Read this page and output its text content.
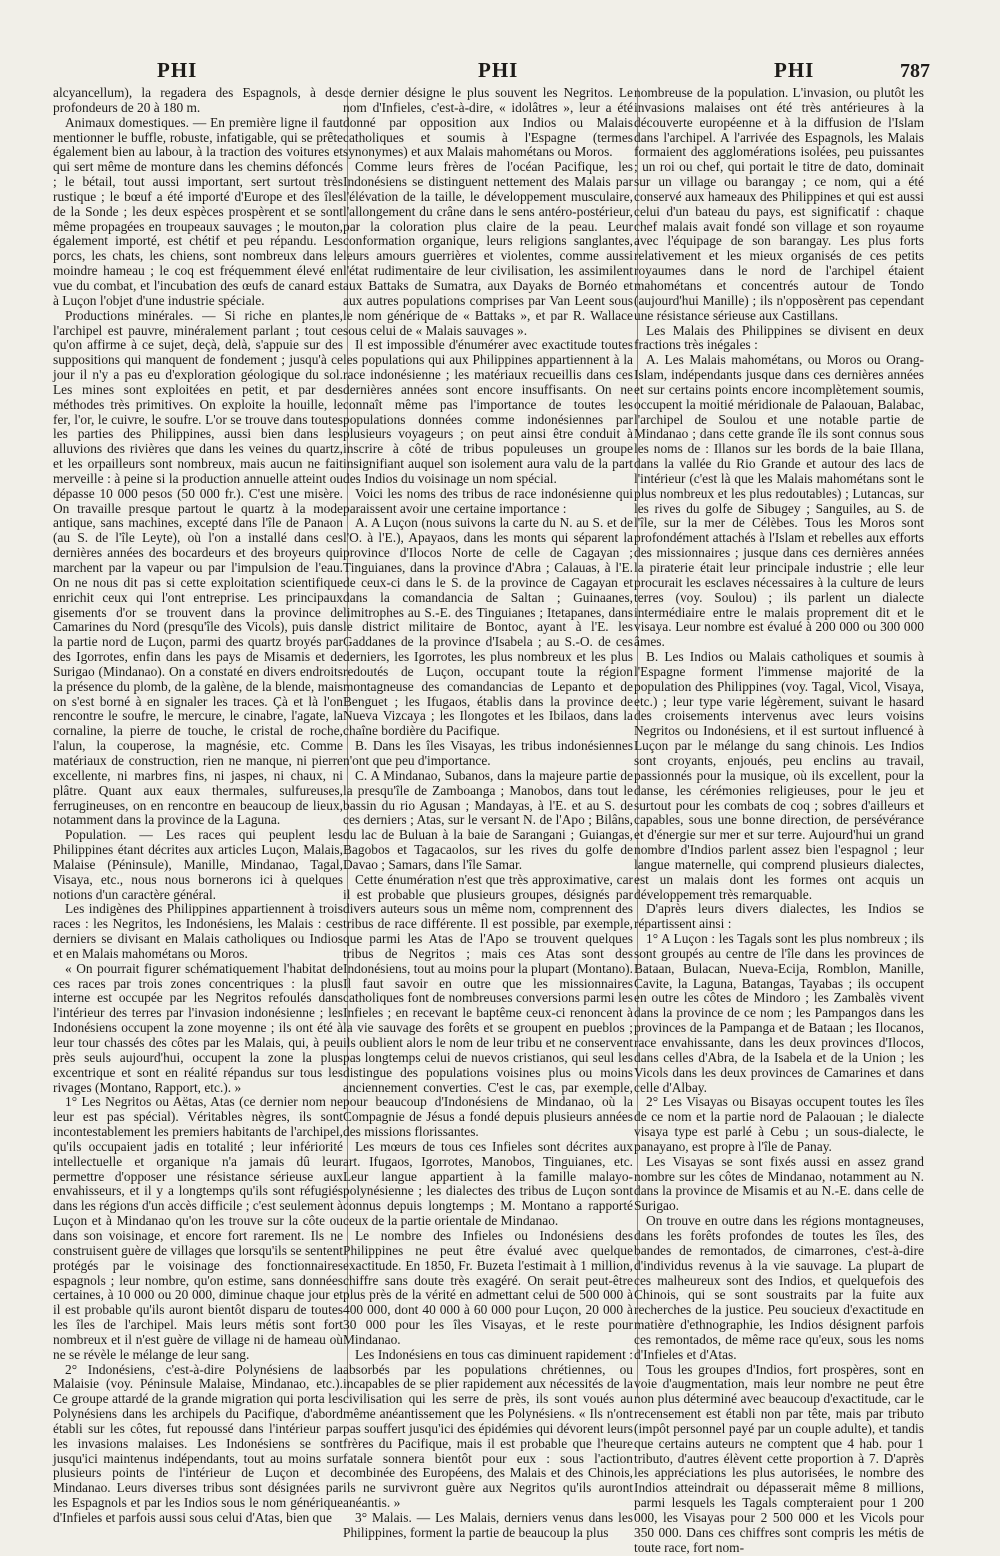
PHI	PHI	PHI	787

alcyancellum), la regadera des Espagnols, à des profondeurs de 20 à 180 m.

Animaux domestiques. — En première ligne il faut mentionner le buffle, robuste, infatigable, qui se prête également bien au labour, à la traction des voitures et qui sert même de monture dans les chemins défoncés ; le bétail, tout aussi important, sert surtout très rustique ; le bœuf a été importé d'Europe et des îles de la Sonde ; les deux espèces prospèrent et se sont même propagées en troupeaux sauvages ; le mouton, également importé, est chétif et peu répandu. Les porcs, les chats, les chiens, sont nombreux dans le moindre hameau ; le coq est fréquemment élevé en vue du combat, et l'incubation des œufs de canard est à Luçon l'objet d'une industrie spéciale.

Productions minérales. — Si riche en plantes, l'archipel est pauvre, minéralement parlant ; tout ce qu'on affirme à ce sujet, deçà, delà, s'appuie sur des suppositions qui manquent de fondement ; jusqu'à ce jour il n'y a pas eu d'exploration géologique du sol. Les mines sont exploitées en petit, et par des méthodes très primitives. On exploite la houille, le fer, l'or, le cuivre, le soufre. L'or se trouve dans toutes les parties des Philippines, aussi bien dans les alluvions des rivières que dans les veines du quartz, et les orpailleurs sont nombreux, mais aucun ne fait merveille : à peine si la production annuelle atteint ou dépasse 10 000 pesos (50 000 fr.). C'est une misère. On travaille presque partout le quartz à la mode antique, sans machines, excepté dans l'île de Panaon (au S. de l'île Leyte), où l'on a installé dans ces dernières années des bocardeurs et des broyeurs qui marchent par la vapeur ou par l'impulsion de l'eau. On ne nous dit pas si cette exploitation scientifique enrichit ceux qui l'ont entreprise. Les principaux gisements d'or se trouvent dans la province de Camarines du Nord (presqu'île des Vicols), puis dans la partie nord de Luçon, parmi des quartz broyés par des Igorrotes, enfin dans les pays de Misamis et de Surigao (Mindanao). On a constaté en divers endroits la présence du plomb, de la galène, de la blende, mais on s'est borné à en signaler les traces. Çà et là l'on rencontre le soufre, le mercure, le cinabre, l'agate, la cornaline, la pierre de touche, le cristal de roche, l'alun, la couperose, la magnésie, etc. Comme matériaux de construction, rien ne manque, ni pierre excellente, ni marbres fins, ni jaspes, ni chaux, ni plâtre. Quant aux eaux thermales, sulfureuses, ferrugineuses, on en rencontre en beaucoup de lieux, notamment dans la province de la Laguna.

Population. — Les races qui peuplent les Philippines étant décrites aux articles Luçon, Malais, Malaise (Péninsule), Manille, Mindanao, Tagal, Visaya, etc., nous nous bornerons ici à quelques notions d'un caractère général.

Les indigènes des Philippines appartiennent à trois races : les Negritos, les Indonésiens, les Malais : ces derniers se divisant en Malais catholiques ou Indios et en Malais mahométans ou Moros.

« On pourrait figurer schématiquement l'habitat de ces races par trois zones concentriques : la plus interne est occupée par les Negritos refoulés dans l'intérieur des terres par l'invasion indonésienne ; les Indonésiens occupent la zone moyenne ; ils ont été à leur tour chassés des côtes par les Malais, qui, à peu près seuls aujourd'hui, occupent la zone la plus excentrique et sont en réalité répandus sur tous les rivages (Montano, Rapport, etc.). »

1° Les Negritos ou Aëtas, Atas (ce dernier nom ne leur est pas spécial). Véritables nègres, ils sont incontestablement les premiers habitants de l'archipel, qu'ils occupaient jadis en totalité ; leur infériorité intellectuelle et organique n'a jamais dû leur permettre d'opposer une résistance sérieuse aux envahisseurs, et il y a longtemps qu'ils sont réfugiés dans les régions d'un accès difficile ; c'est seulement à Luçon et à Mindanao qu'on les trouve sur la côte ou dans son voisinage, et encore fort rarement. Ils ne construisent guère de villages que lorsqu'ils se sentent protégés par le voisinage des fonctionnaires espagnols ; leur nombre, qu'on estime, sans données certaines, à 10 000 ou 20 000, diminue chaque jour et il est probable qu'ils auront bientôt disparu de toutes les îles de l'archipel. Mais leurs métis sont fort nombreux et il n'est guère de village ni de hameau où ne se révèle le mélange de leur sang.

2° Indonésiens, c'est-à-dire Polynésiens de la Malaisie (voy. Péninsule Malaise, Mindanao, etc.). Ce groupe attardé de la grande migration qui porta les Polynésiens dans les archipels du Pacifique, d'abord établi sur les côtes, fut repoussé dans l'intérieur par les invasions malaises. Les Indonésiens se sont jusqu'ici maintenus indépendants, tout au moins sur plusieurs points de l'intérieur de Luçon et de Mindanao. Leurs diverses tribus sont désignées par les Espagnols et par les Indios sous le nom générique d'Infieles et parfois aussi sous celui d'Atas, bien que

ce dernier désigne le plus souvent les Negritos. Le nom d'Infieles, c'est-à-dire, « idolâtres », leur a été donné par opposition aux Indios ou Malais catholiques et soumis à l'Espagne (termes synonymes) et aux Malais mahométans ou Moros.

Comme leurs frères de l'océan Pacifique, les Indonésiens se distinguent nettement des Malais par l'élévation de la taille, le développement musculaire, l'allongement du crâne dans le sens antéro-postérieur, par la coloration plus claire de la peau. Leur conformation organique, leurs religions sanglantes, leurs amours guerrières et violentes, comme aussi l'état rudimentaire de leur civilisation, les assimilent aux Battaks de Sumatra, aux Dayaks de Bornéo et aux autres populations comprises par Van Leent sous le nom générique de « Battaks », et par R. Wallace sous celui de « Malais sauvages ».

Il est impossible d'énumérer avec exactitude toutes les populations qui aux Philippines appartiennent à la race indonésienne ; les matériaux recueillis dans ces dernières années sont encore insuffisants. On ne connaît même pas l'importance de toutes les populations données comme indonésiennes par plusieurs voyageurs ; on peut ainsi être conduit à inscrire à côté de tribus populeuses un groupe insignifiant auquel son isolement aura valu de la part des Indios du voisinage un nom spécial.

Voici les noms des tribus de race indonésienne qui paraissent avoir une certaine importance :

A. A Luçon (nous suivons la carte du N. au S. et de l'O. à l'E.), Apayaos, dans les monts qui séparent la province d'Ilocos Norte de celle de Cagayan ; Tinguianes, dans la province d'Abra ; Calauas, à l'E. de ceux-ci dans le S. de la province de Cagayan et dans la comandancia de Saltan ; Guinaanes, limitrophes au S.-E. des Tinguianes ; Itetapanes, dans le district militaire de Bontoc, ayant à l'E. les Gaddanes de la province d'Isabela ; au S.-O. de ces derniers, les Igorrotes, les plus nombreux et les plus redoutés de Luçon, occupant toute la région montagneuse des comandancias de Lepanto et de Benguet ; les Ifugaos, établis dans la province de Nueva Vizcaya ; les Ilongotes et les Ibilaos, dans la chaîne bordière du Pacifique.

B. Dans les îles Visayas, les tribus indonésiennes n'ont que peu d'importance.

C. A Mindanao, Subanos, dans la majeure partie de la presqu'île de Zamboanga ; Manobos, dans tout le bassin du rio Agusan ; Mandayas, à l'E. et au S. de ces derniers ; Atas, sur le versant N. de l'Apo ; Bilâns, du lac de Buluan à la baie de Sarangani ; Guiangas, Bagobos et Tagacaolos, sur les rives du golfe de Davao ; Samars, dans l'île Samar.

Cette énumération n'est que très approximative, car il est probable que plusieurs groupes, désignés par divers auteurs sous un même nom, comprennent des tribus de race différente. Il est possible, par exemple, que parmi les Atas de l'Apo se trouvent quelques tribus de Negritos ; mais ces Atas sont des Indonésiens, tout au moins pour la plupart (Montano). Il faut savoir en outre que les missionnaires catholiques font de nombreuses conversions parmi les Infieles ; en recevant le baptême ceux-ci renoncent à la vie sauvage des forêts et se groupent en pueblos ; ils oublient alors le nom de leur tribu et ne conservent pas longtemps celui de nuevos cristianos, qui seul les distingue des populations voisines plus ou moins anciennement converties. C'est le cas, par exemple, pour beaucoup d'Indonésiens de Mindanao, où la Compagnie de Jésus a fondé depuis plusieurs années des missions florissantes.

Les mœurs de tous ces Infieles sont décrites aux art. Ifugaos, Igorrotes, Manobos, Tinguianes, etc. Leur langue appartient à la famille malayo-polynésienne ; les dialectes des tribus de Luçon sont connus depuis longtemps ; M. Montano a rapporté ceux de la partie orientale de Mindanao.

Le nombre des Infieles ou Indonésiens des Philippines ne peut être évalué avec quelque exactitude. En 1850, Fr. Buzeta l'estimait à 1 million, chiffre sans doute très exagéré. On serait peut-être plus près de la vérité en admettant celui de 500 000 à 400 000, dont 40 000 à 60 000 pour Luçon, 20 000 à 30 000 pour les îles Visayas, et le reste pour Mindanao.

Les Indonésiens en tous cas diminuent rapidement : absorbés par les populations chrétiennes, ou incapables de se plier rapidement aux nécessités de la civilisation qui les serre de près, ils sont voués au même anéantissement que les Polynésiens. « Ils n'ont pas souffert jusqu'ici des épidémies qui dévorent leurs frères du Pacifique, mais il est probable que l'heure fatale sonnera bientôt pour eux : sous l'action combinée des Européens, des Malais et des Chinois, ils ne survivront guère aux Negritos qu'ils auront anéantis. »

3° Malais. — Les Malais, derniers venus dans les Philippines, forment la partie de beaucoup la plus

nombreuse de la population. L'invasion, ou plutôt les invasions malaises ont été très antérieures à la découverte européenne et à la diffusion de l'Islam dans l'archipel. A l'arrivée des Espagnols, les Malais formaient des agglomérations isolées, peu puissantes ; un roi ou chef, qui portait le titre de dato, dominait sur un village ou barangay ; ce nom, qui a été conservé aux hameaux des Philippines et qui est aussi celui d'un bateau du pays, est significatif : chaque chef malais avait fondé son village et son royaume avec l'équipage de son barangay. Les plus forts relativement et les mieux organisés de ces petits royaumes dans le nord de l'archipel étaient mahométans et concentrés autour de Tondo (aujourd'hui Manille) ; ils n'opposèrent pas cependant une résistance sérieuse aux Castillans.

Les Malais des Philippines se divisent en deux fractions très inégales :

A. Les Malais mahométans, ou Moros ou Orang-Islam, indépendants jusque dans ces dernières années et sur certains points encore incomplètement soumis, occupent la moitié méridionale de Palaouan, Balabac, l'archipel de Soulou et une notable partie de Mindanao ; dans cette grande île ils sont connus sous les noms de : Illanos sur les bords de la baie Illana, dans la vallée du Rio Grande et autour des lacs de l'intérieur (c'est là que les Malais mahométans sont le plus nombreux et les plus redoutables) ; Lutancas, sur les rives du golfe de Sibugey ; Sanguiles, au S. de l'île, sur la mer de Célèbes. Tous les Moros sont profondément attachés à l'Islam et rebelles aux efforts des missionnaires ; jusque dans ces dernières années la piraterie était leur principale industrie ; elle leur procurait les esclaves nécessaires à la culture de leurs terres (voy. Soulou) ; ils parlent un dialecte intermédiaire entre le malais proprement dit et le visaya. Leur nombre est évalué à 200 000 ou 300 000 âmes.

B. Les Indios ou Malais catholiques et soumis à l'Espagne forment l'immense majorité de la population des Philippines (voy. Tagal, Vicol, Visaya, etc.) ; leur type varie légèrement, suivant le hasard des croisements intervenus avec leurs voisins Negritos ou Indonésiens, et il est surtout influencé à Luçon par le mélange du sang chinois. Les Indios sont croyants, enjoués, peu enclins au travail, passionnés pour la musique, où ils excellent, pour la danse, les cérémonies religieuses, pour le jeu et surtout pour les combats de coq ; sobres d'ailleurs et capables, sous une bonne direction, de persévérance et d'énergie sur mer et sur terre. Aujourd'hui un grand nombre d'Indios parlent assez bien l'espagnol ; leur langue maternelle, qui comprend plusieurs dialectes, est un malais dont les formes ont acquis un développement très remarquable.

D'après leurs divers dialectes, les Indios se répartissent ainsi :

1° A Luçon : les Tagals sont les plus nombreux ; ils sont groupés au centre de l'île dans les provinces de Bataan, Bulacan, Nueva-Ecija, Romblon, Manille, Cavite, la Laguna, Batangas, Tayabas ; ils occupent en outre les côtes de Mindoro ; les Zambalès vivent dans la province de ce nom ; les Pampangos dans les provinces de la Pampanga et de Bataan ; les Ilocanos, race envahissante, dans les deux provinces d'Ilocos, dans celles d'Abra, de la Isabela et de la Union ; les Vicols dans les deux provinces de Camarines et dans celle d'Albay.

2° Les Visayas ou Bisayas occupent toutes les îles de ce nom et la partie nord de Palaouan ; le dialecte visaya type est parlé à Cebu ; un sous-dialecte, le panayano, est propre à l'île de Panay.

Les Visayas se sont fixés aussi en assez grand nombre sur les côtes de Mindanao, notamment au N. dans la province de Misamis et au N.-E. dans celle de Surigao.

On trouve en outre dans les régions montagneuses, dans les forêts profondes de toutes les îles, des bandes de remontados, de cimarrones, c'est-à-dire d'individus revenus à la vie sauvage. La plupart de ces malheureux sont des Indios, et quelquefois des Chinois, qui se sont soustraits par la fuite aux recherches de la justice. Peu soucieux d'exactitude en matière d'ethnographie, les Indios désignent parfois ces remontados, de même race qu'eux, sous les noms d'Infieles et d'Atas.

Tous les groupes d'Indios, fort prospères, sont en voie d'augmentation, mais leur nombre ne peut être non plus déterminé avec beaucoup d'exactitude, car le recensement est établi non par tête, mais par tributo (impôt personnel payé par un couple adulte), et tandis que certains auteurs ne comptent que 4 hab. pour 1 tributo, d'autres élèvent cette proportion à 7. D'après les appréciations les plus autorisées, le nombre des Indios atteindrait ou dépasserait même 8 millions, parmi lesquels les Tagals compteraient pour 1 200 000, les Visayas pour 2 500 000 et les Vicols pour 350 000. Dans ces chiffres sont compris les métis de toute race, fort nom-
